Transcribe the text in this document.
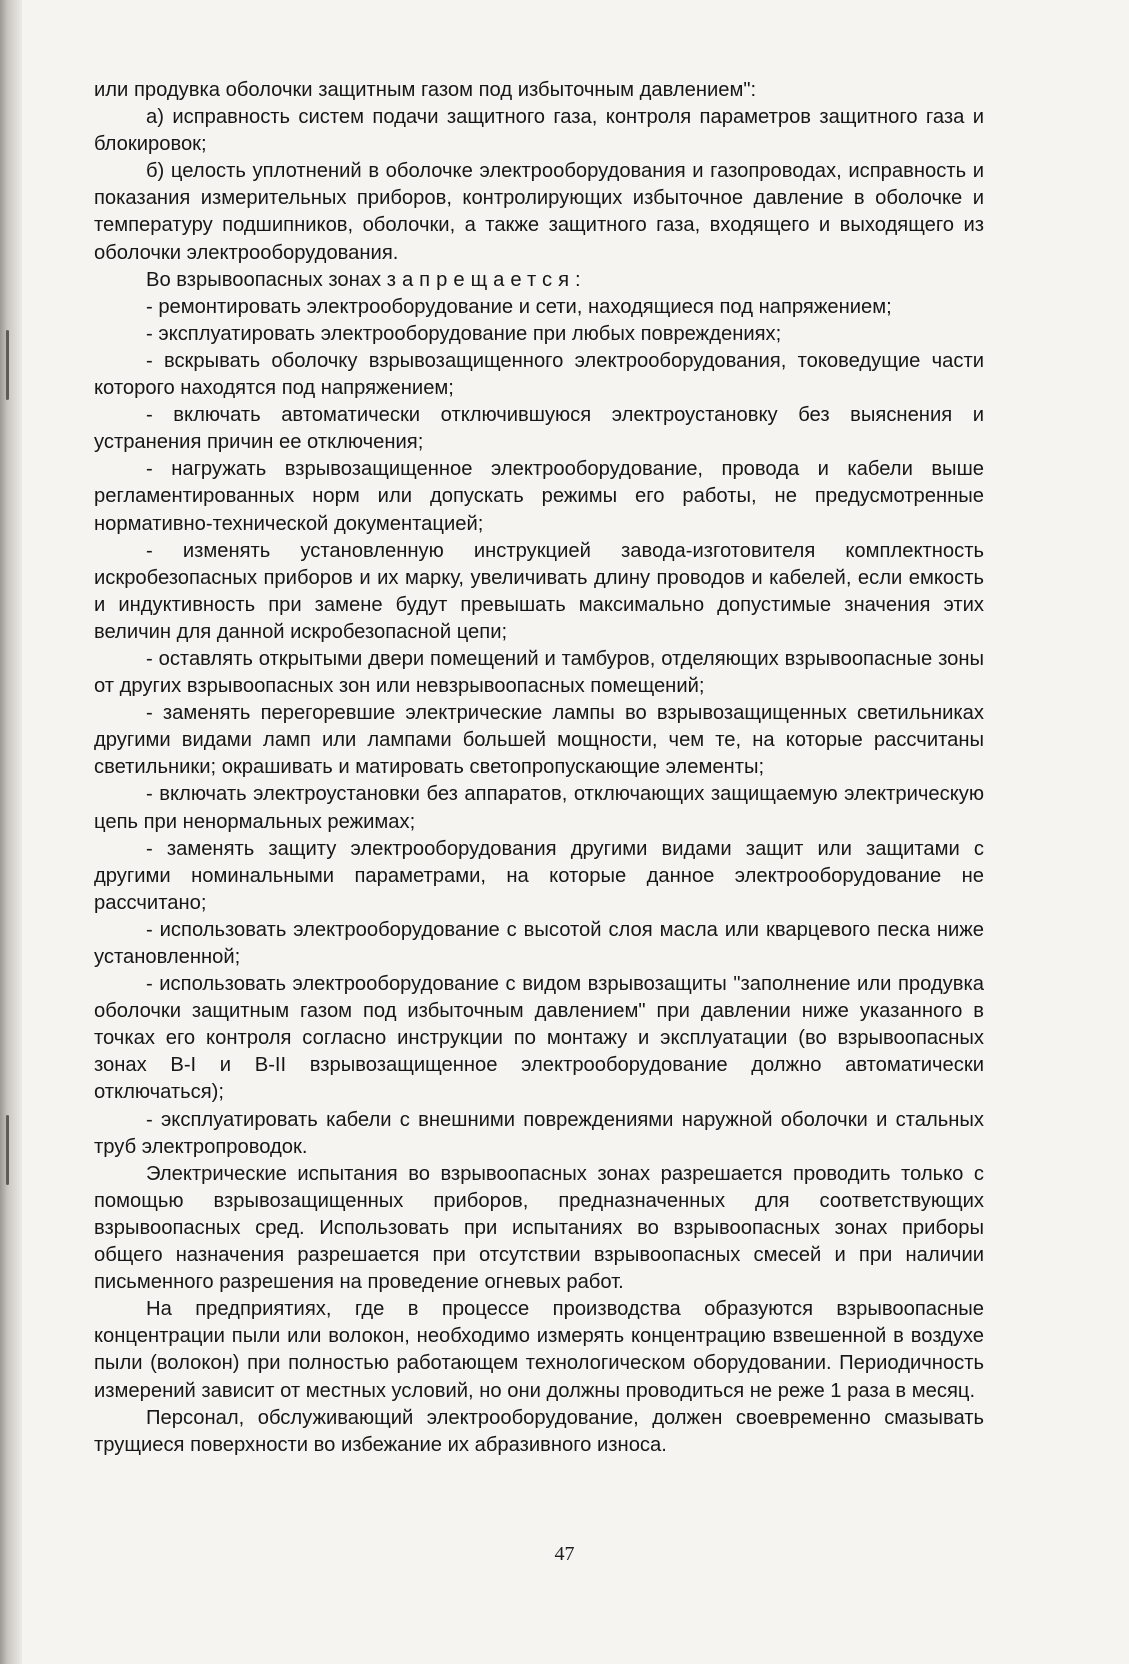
или продувка оболочки защитным газом под избыточным давлением":

а) исправность систем подачи защитного газа, контроля параметров защитного газа и блокировок;

б) целость уплотнений в оболочке электрооборудования и газопроводах, исправность и показания измерительных приборов, контролирующих избыточное давление в оболочке и температуру подшипников, оболочки, а также защитного газа, входящего и выходящего из оболочки электрооборудования.

Во взрывоопасных зонах запрещается:

- ремонтировать электрооборудование и сети, находящиеся под напряжением;

- эксплуатировать электрооборудование при любых повреждениях;

- вскрывать оболочку взрывозащищенного электрооборудования, токоведущие части которого находятся под напряжением;

- включать автоматически отключившуюся электроустановку без выяснения и устранения причин ее отключения;

- нагружать взрывозащищенное электрооборудование, провода и кабели выше регламентированных норм или допускать режимы его работы, не предусмотренные нормативно-технической документацией;

- изменять установленную инструкцией завода-изготовителя комплектность искробезопасных приборов и их марку, увеличивать длину проводов и кабелей, если емкость и индуктивность при замене будут превышать максимально допустимые значения этих величин для данной искробезопасной цепи;

- оставлять открытыми двери помещений и тамбуров, отделяющих взрывоопасные зоны от других взрывоопасных зон или невзрывоопасных помещений;

- заменять перегоревшие электрические лампы во взрывозащищенных светильниках другими видами ламп или лампами большей мощности, чем те, на которые рассчитаны светильники; окрашивать и матировать светопропускающие элементы;

- включать электроустановки без аппаратов, отключающих защищаемую электрическую цепь при ненормальных режимах;

- заменять защиту электрооборудования другими видами защит или защитами с другими номинальными параметрами, на которые данное электрооборудование не рассчитано;

- использовать электрооборудование с высотой слоя масла или кварцевого песка ниже установленной;

- использовать электрооборудование с видом взрывозащиты "заполнение или продувка оболочки защитным газом под избыточным давлением" при давлении ниже указанного в точках его контроля согласно инструкции по монтажу и эксплуатации (во взрывоопасных зонах В-I и В-II взрывозащищенное электрооборудование должно автоматически отключаться);

- эксплуатировать кабели с внешними повреждениями наружной оболочки и стальных труб электропроводок.

Электрические испытания во взрывоопасных зонах разрешается проводить только с помощью взрывозащищенных приборов, предназначенных для соответствующих взрывоопасных сред. Использовать при испытаниях во взрывоопасных зонах приборы общего назначения разрешается при отсутствии взрывоопасных смесей и при наличии письменного разрешения на проведение огневых работ.

На предприятиях, где в процессе производства образуются взрывоопасные концентрации пыли или волокон, необходимо измерять концентрацию взвешенной в воздухе пыли (волокон) при полностью работающем технологическом оборудовании. Периодичность измерений зависит от местных условий, но они должны проводиться не реже 1 раза в месяц.

Персонал, обслуживающий электрооборудование, должен своевременно смазывать трущиеся поверхности во избежание их абразивного износа.

47
